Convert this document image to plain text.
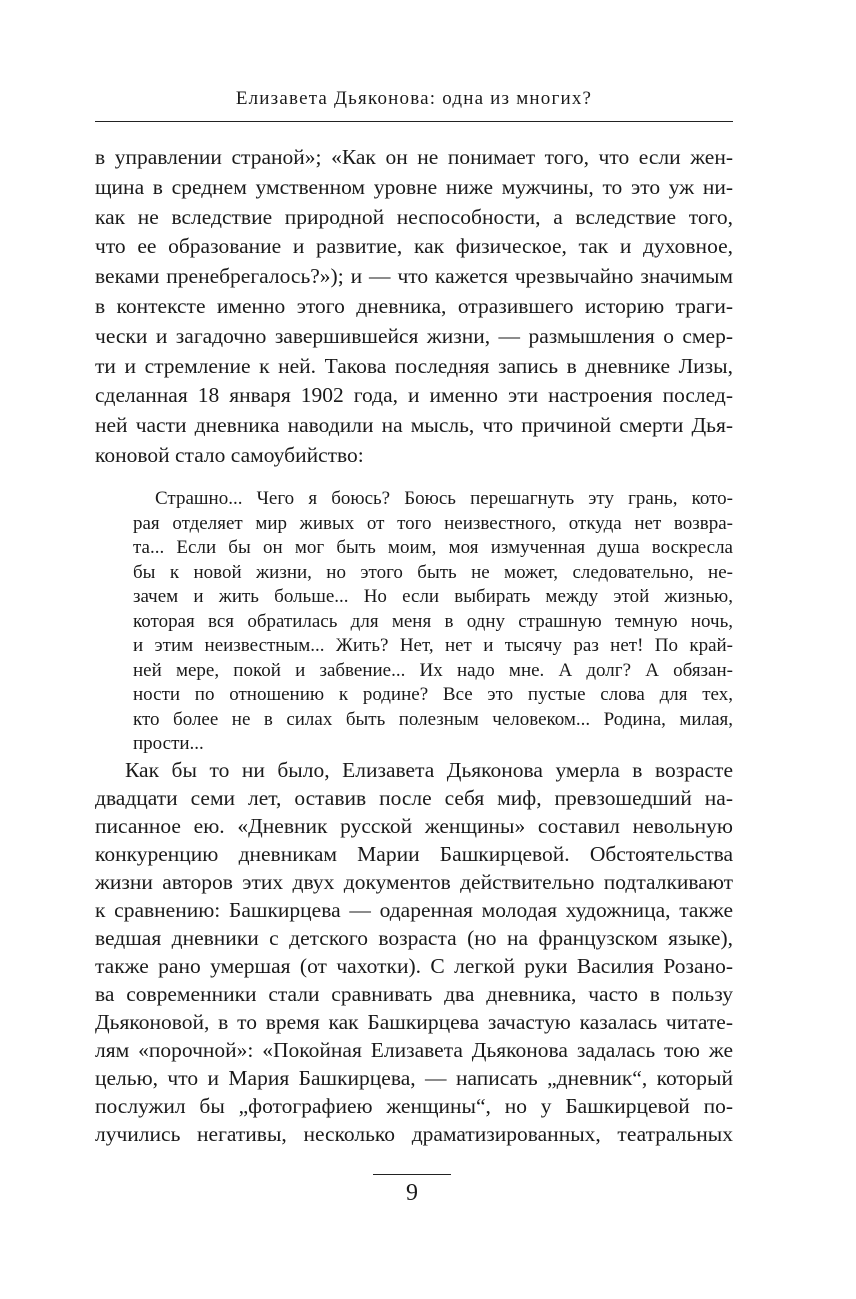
Елизавета Дьяконова: одна из многих?
в управлении страной»; «Как он не понимает того, что если жен-
щина в среднем умственном уровне ниже мужчины, то это уж ни-
как не вследствие природной неспособности, а вследствие того,
что ее образование и развитие, как физическое, так и духовное,
веками пренебрегалось?»); и — что кажется чрезвычайно значимым
в контексте именно этого дневника, отразившего историю траги-
чески и загадочно завершившейся жизни, — размышления о смер-
ти и стремление к ней. Такова последняя запись в дневнике Лизы,
сделанная 18 января 1902 года, и именно эти настроения послед-
ней части дневника наводили на мысль, что причиной смерти Дья-
коновой стало самоубийство:
Страшно... Чего я боюсь? Боюсь перешагнуть эту грань, кото-
рая отделяет мир живых от того неизвестного, откуда нет возвра-
та... Если бы он мог быть моим, моя измученная душа воскресла
бы к новой жизни, но этого быть не может, следовательно, не-
зачем и жить больше... Но если выбирать между этой жизнью,
которая вся обратилась для меня в одну страшную темную ночь,
и этим неизвестным... Жить? Нет, нет и тысячу раз нет! По край-
ней мере, покой и забвение... Их надо мне. А долг? А обязан-
ности по отношению к родине? Все это пустые слова для тех,
кто более не в силах быть полезным человеком... Родина, милая,
прости...
Как бы то ни было, Елизавета Дьяконова умерла в возрасте
двадцати семи лет, оставив после себя миф, превзошедший на-
писанное ею. «Дневник русской женщины» составил невольную
конкуренцию дневникам Марии Башкирцевой. Обстоятельства
жизни авторов этих двух документов действительно подталкивают
к сравнению: Башкирцева — одаренная молодая художница, также
ведшая дневники с детского возраста (но на французском языке),
также рано умершая (от чахотки). С легкой руки Василия Розано-
ва современники стали сравнивать два дневника, часто в пользу
Дьяконовой, в то время как Башкирцева зачастую казалась читате-
лям «порочной»: «Покойная Елизавета Дьяконова задалась тою же
целью, что и Мария Башкирцева, — написать „дневник“, который
послужил бы „фотографиею женщины“, но у Башкирцевой по-
лучились негативы, несколько драматизированных, театральных
9
